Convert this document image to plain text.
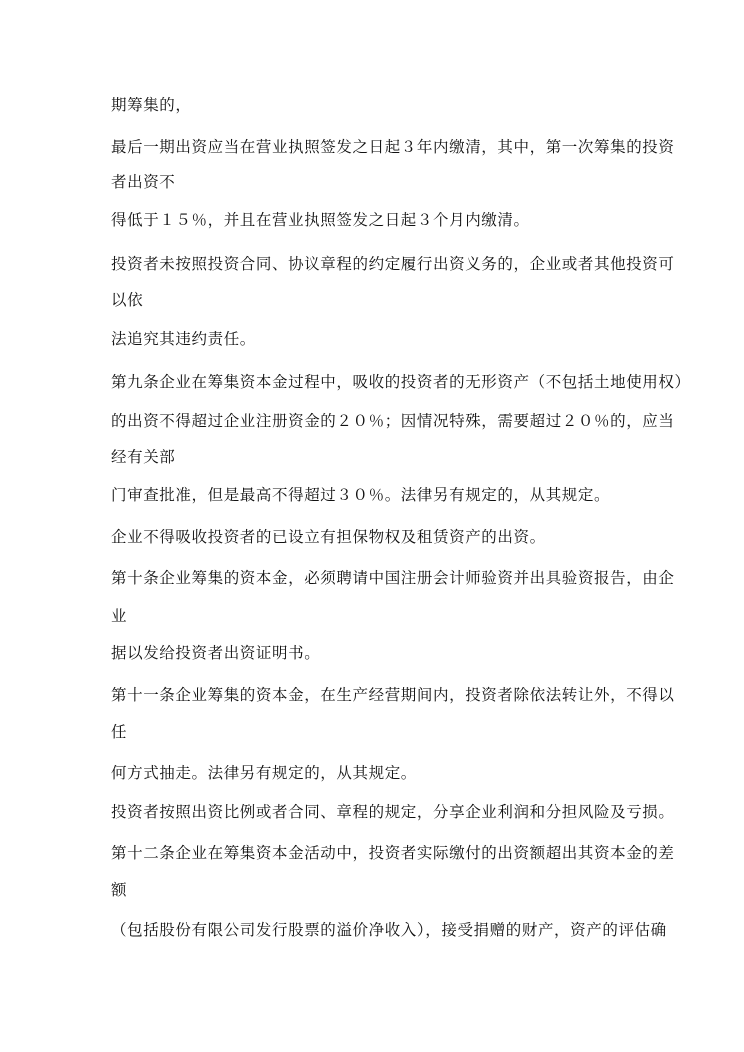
期筹集的，
最后一期出资应当在营业执照签发之日起３年内缴清，其中，第一次筹集的投资
者出资不
得低于１５％，并且在营业执照签发之日起３个月内缴清。
投资者未按照投资合同、协议章程的约定履行出资义务的，企业或者其他投资可
以依
法追究其违约责任。
第九条企业在筹集资本金过程中，吸收的投资者的无形资产（不包括土地使用权）
的出资不得超过企业注册资金的２０％；因情况特殊，需要超过２０％的，应当
经有关部
门审查批准，但是最高不得超过３０％。法律另有规定的，从其规定。
企业不得吸收投资者的已设立有担保物权及租赁资产的出资。
第十条企业筹集的资本金，必须聘请中国注册会计师验资并出具验资报告，由企
业
据以发给投资者出资证明书。
第十一条企业筹集的资本金，在生产经营期间内，投资者除依法转让外，不得以
任
何方式抽走。法律另有规定的，从其规定。
投资者按照出资比例或者合同、章程的规定，分享企业利润和分担风险及亏损。
第十二条企业在筹集资本金活动中，投资者实际缴付的出资额超出其资本金的差
额
（包括股份有限公司发行股票的溢价净收入），接受捐赠的财产，资产的评估确
